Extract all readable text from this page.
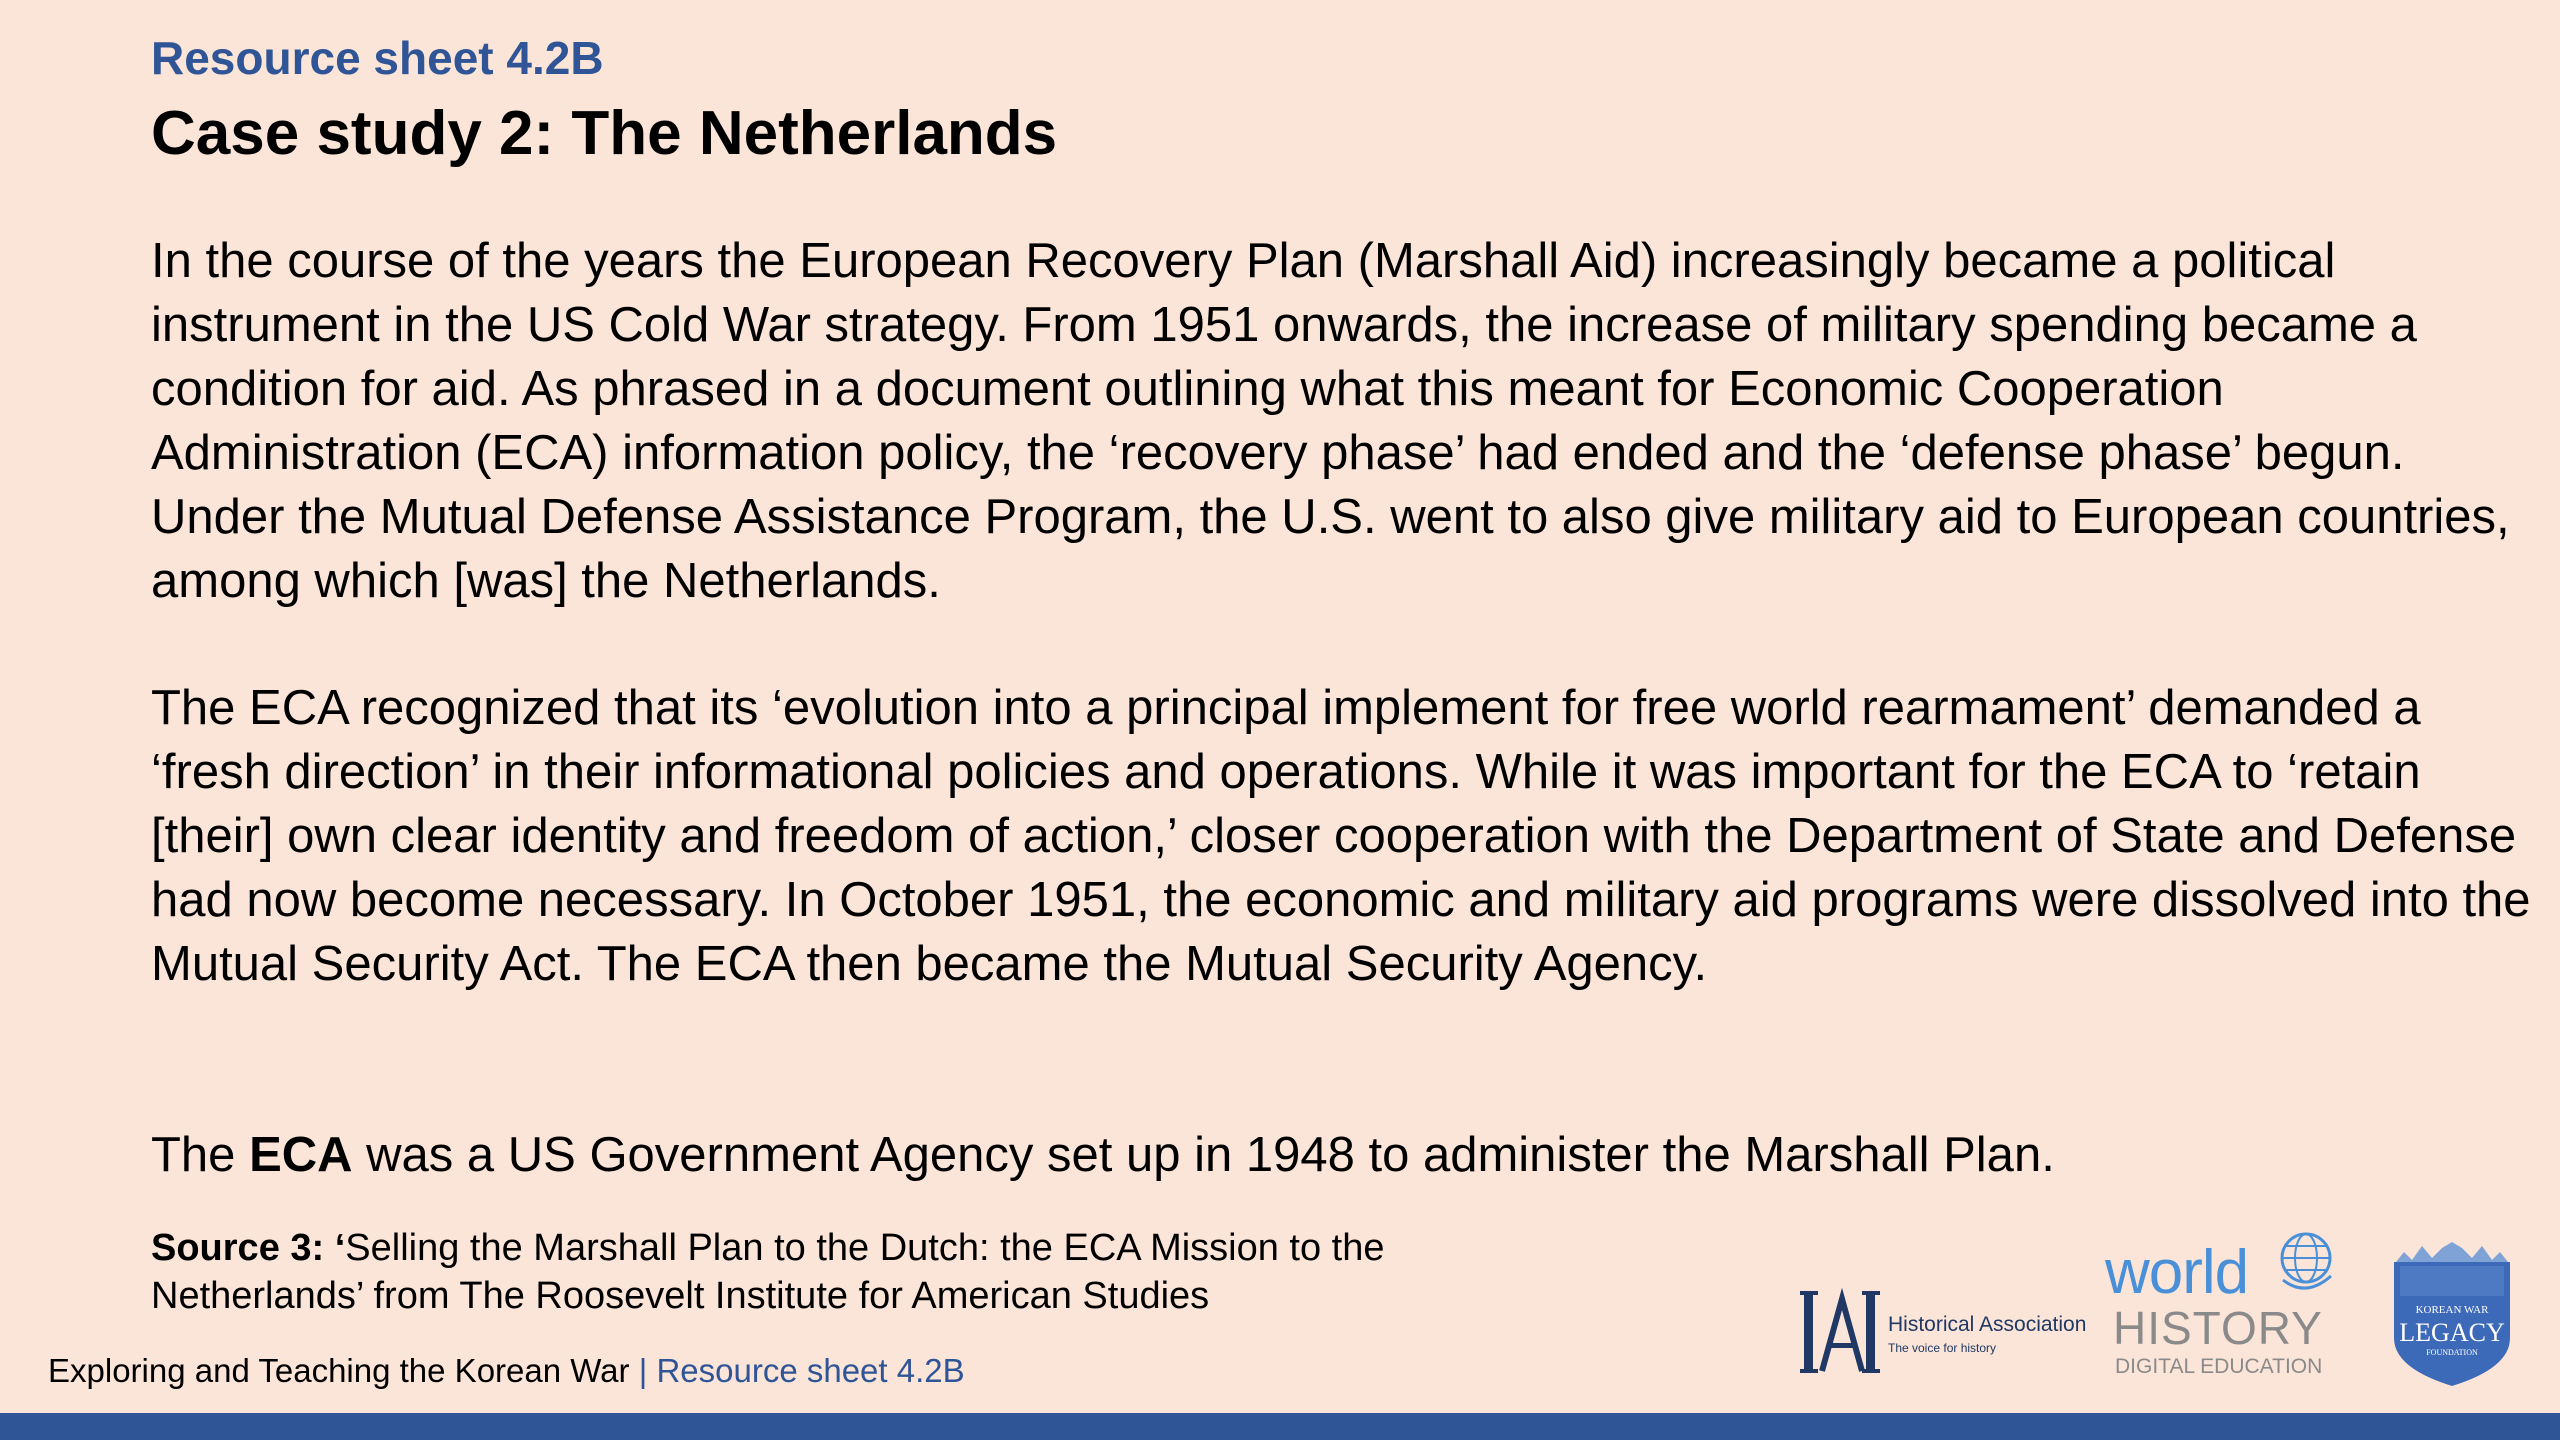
Resource sheet 4.2B
Case study 2: The Netherlands

In the course of the years the European Recovery Plan (Marshall Aid) increasingly became a political instrument in the US Cold War strategy. From 1951 onwards, the increase of military spending became a condition for aid. As phrased in a document outlining what this meant for Economic Cooperation Administration (ECA) information policy, the ‘recovery phase’ had ended and the ‘defense phase’ begun. Under the Mutual Defense Assistance Program, the U.S. went to also give military aid to European countries, among which [was] the Netherlands.

The ECA recognized that its ‘evolution into a principal implement for free world rearmament’ demanded a ‘fresh direction’ in their informational policies and operations. While it was important for the ECA to ‘retain [their] own clear identity and freedom of action,’ closer cooperation with the Department of State and Defense had now become necessary. In October 1951, the economic and military aid programs were dissolved into the Mutual Security Act. The ECA then became the Mutual Security Agency.

The ECA was a US Government Agency set up in 1948 to administer the Marshall Plan.

Source 3: ‘Selling the Marshall Plan to the Dutch: the ECA Mission to the Netherlands’ from The Roosevelt Institute for American Studies

Exploring and Teaching the Korean War | Resource sheet 4.2B

Historical Association
The voice for history
world
HISTORY
DIGITAL EDUCATION
KOREAN WAR
LEGACY
FOUNDATION
